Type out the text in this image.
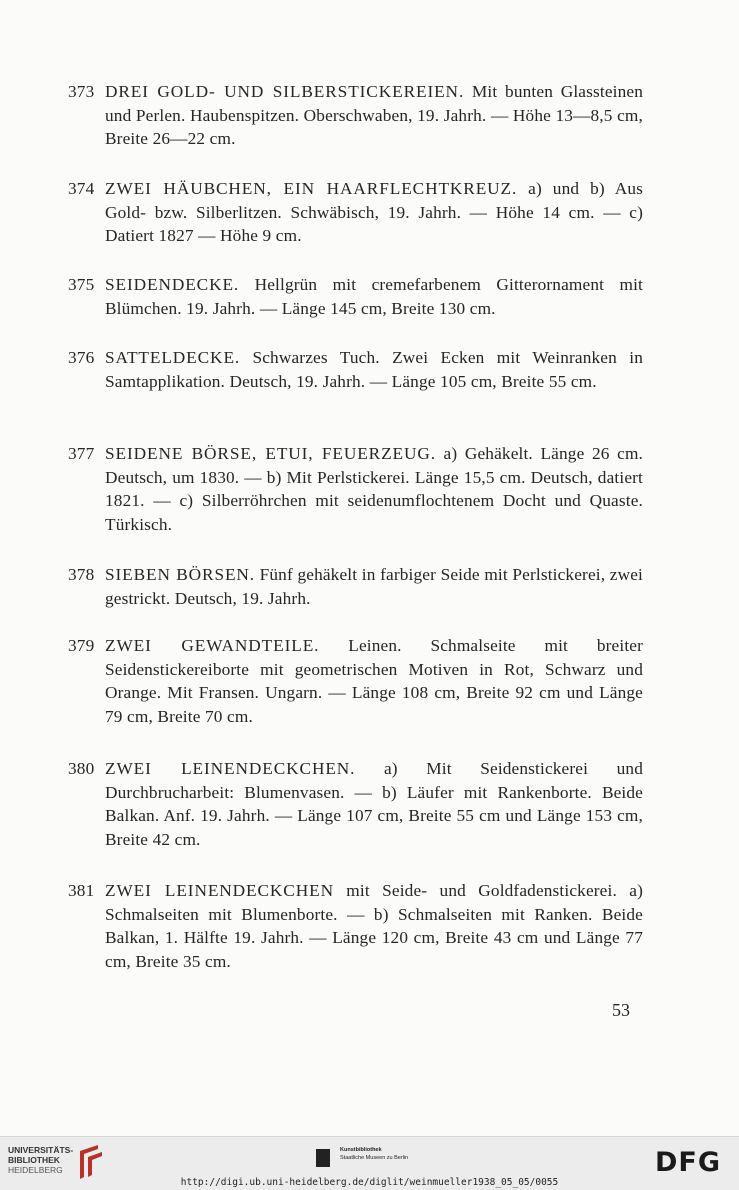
373 DREI GOLD- UND SILBERSTICKEREIEN. Mit bunten Glassteinen und Perlen. Haubenspitzen. Oberschwaben, 19. Jahrh. — Höhe 13—8,5 cm, Breite 26—22 cm.
374 ZWEI HÄUBCHEN, EIN HAARFLECHTKREUZ. a) und b) Aus Gold- bzw. Silberlitzen. Schwäbisch, 19. Jahrh. — Höhe 14 cm. — c) Datiert 1827 — Höhe 9 cm.
375 SEIDENDECKE. Hellgrün mit cremefarbenem Gitterornament mit Blümchen. 19. Jahrh. — Länge 145 cm, Breite 130 cm.
376 SATTELDECKE. Schwarzes Tuch. Zwei Ecken mit Weinranken in Samtapplikation. Deutsch, 19. Jahrh. — Länge 105 cm, Breite 55 cm.
377 SEIDENE BÖRSE, ETUI, FEUERZEUG. a) Gehäkelt. Länge 26 cm. Deutsch, um 1830. — b) Mit Perlstickerei. Länge 15,5 cm. Deutsch, datiert 1821. — c) Silberröhrchen mit seidenumflochtenem Docht und Quaste. Türkisch.
378 SIEBEN BÖRSEN. Fünf gehäkelt in farbiger Seide mit Perlstickerei, zwei gestrickt. Deutsch, 19. Jahrh.
379 ZWEI GEWANDTEILE. Leinen. Schmalseite mit breiter Seidenstickereiborte mit geometrischen Motiven in Rot, Schwarz und Orange. Mit Fransen. Ungarn. — Länge 108 cm, Breite 92 cm und Länge 79 cm, Breite 70 cm.
380 ZWEI LEINENDECKCHEN. a) Mit Seidenstickerei und Durchbrucharbeit: Blumenvasen. — b) Läufer mit Rankenborte. Beide Balkan. Anf. 19. Jahrh. — Länge 107 cm, Breite 55 cm und Länge 153 cm, Breite 42 cm.
381 ZWEI LEINENDECKCHEN mit Seide- und Goldfadenstickerei. a) Schmalseiten mit Blumenborte. — b) Schmalseiten mit Ranken. Beide Balkan, 1. Hälfte 19. Jahrh. — Länge 120 cm, Breite 43 cm und Länge 77 cm, Breite 35 cm.
53
UNIVERSITÄTS-
BIBLIOTHEK
HEIDELBERG
Kunstbibliothek
Staatliche Museen zu Berlin	DFG
http://digi.ub.uni-heidelberg.de/diglit/weinmueller1938_05_05/0055
